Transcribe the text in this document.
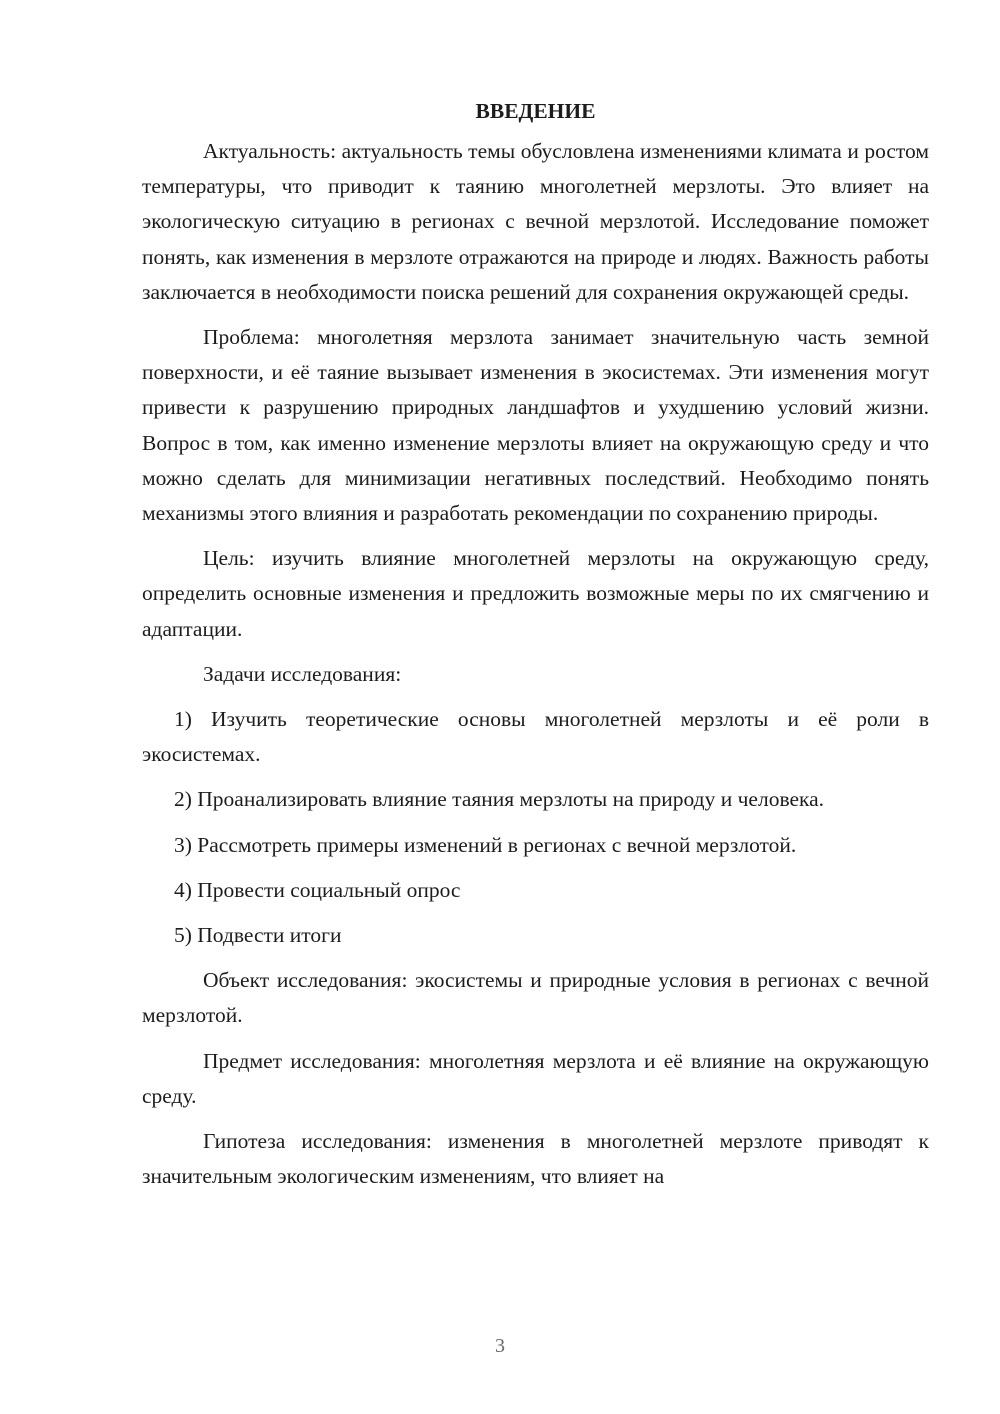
ВВЕДЕНИЕ

Актуальность: актуальность темы обусловлена изменениями климата и ростом температуры, что приводит к таянию многолетней мерзлоты. Это влияет на экологическую ситуацию в регионах с вечной мерзлотой. Исследование поможет понять, как изменения в мерзлоте отражаются на природе и людях. Важность работы заключается в необходимости поиска решений для сохранения окружающей среды.

Проблема: многолетняя мерзлота занимает значительную часть земной поверхности, и её таяние вызывает изменения в экосистемах. Эти изменения могут привести к разрушению природных ландшафтов и ухудшению условий жизни. Вопрос в том, как именно изменение мерзлоты влияет на окружающую среду и что можно сделать для минимизации негативных последствий. Необходимо понять механизмы этого влияния и разработать рекомендации по сохранению природы.

Цель: изучить влияние многолетней мерзлоты на окружающую среду, определить основные изменения и предложить возможные меры по их смягчению и адаптации.

Задачи исследования:

1) Изучить теоретические основы многолетней мерзлоты и её роли в экосистемах.

2) Проанализировать влияние таяния мерзлоты на природу и человека.

3) Рассмотреть примеры изменений в регионах с вечной мерзлотой.

4) Провести социальный опрос

5) Подвести итоги

Объект исследования: экосистемы и природные условия в регионах с вечной мерзлотой.

Предмет исследования: многолетняя мерзлота и её влияние на окружающую среду.

Гипотеза исследования: изменения в многолетней мерзлоте приводят к значительным экологическим изменениям, что влияет на

3
